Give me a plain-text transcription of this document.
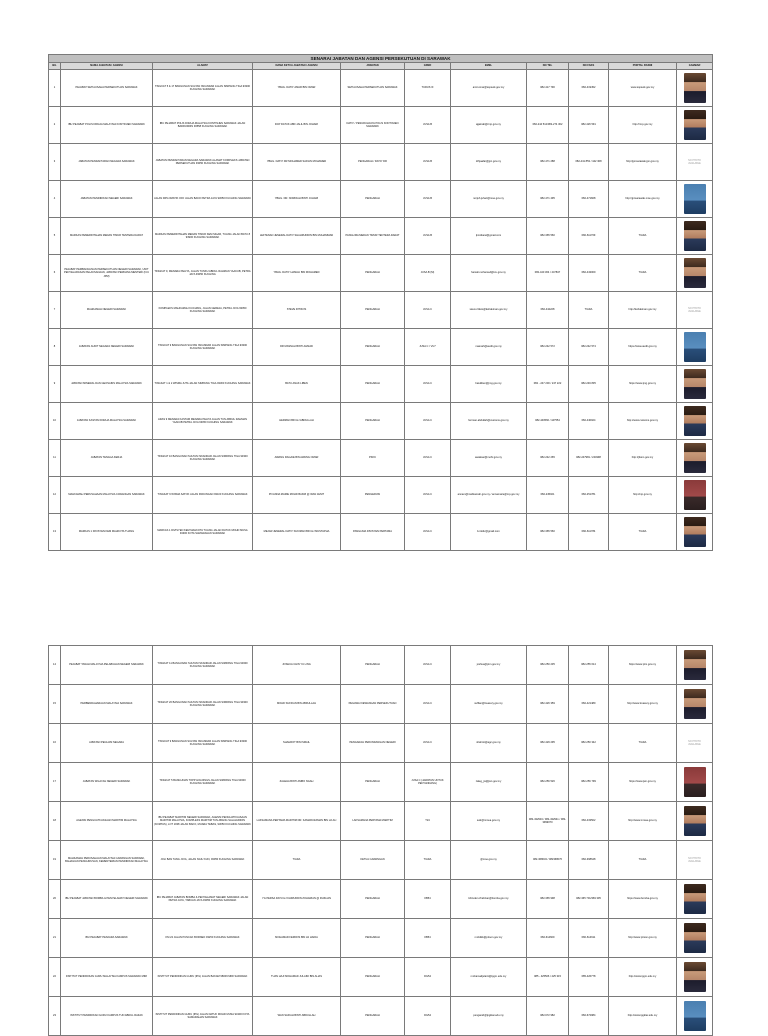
SENARAI JABATAN DAN AGENSI PERSEKUTUAN DI SARAWAK										
BIL	NAMA JABATAN / AGENSI	ALAMAT	NAMA KETUA JABATAN / AGENSI	JAWATAN	GRED	EMEL	NO TEL	NO FAKS	PORTAL RASMI	GAMBAR
1	PEJABAT SETIAUSAHA PERSEKUTUAN SARAWAK	TINGKAT 5 & 17 BANGUNAN SULTAN ISKANDAR JALAN SIMPANG TIGA 93300 KUCHING SARAWAK	YBHG. DATO' AMAR BIN OMAR	SETIAUSAHA PERSEKUTUAN SARAWAK	TURUS III	amir.omar@sspswk.gov.my	082-417 790	082-419452	www.sspswk.gov.my	

2	IBU PEJABAT POLIS DIRAJA MALAYSIA KONTINJEN SARAWAK	IBU PEJABAT POLIS DIRAJA MALAYSIA KONTINJEN SARAWAK JALAN BADRUDDIN 93558 KUCHING SARAWAK	DCP DATUK ABD JALIL BIN JOHARI	DATO' / PESURUHJAYA POLIS KONTINJEN SARAWAK	JUSA B	ajjainab@rmp.gov.my	082-244 512/082-274 302	082-426 591	http://rmp.gov.my	

3	JABATAN PENDAFTARAN NEGARA SARAWAK	JABATAN PENDAFTARAN NEGARA SARAWAK ALAMAT KOMPLEKS JABATAN PERSEKUTUAN 93050 KUCHING SARAWAK	YBHG. DATO' DR MOHAMED SAFIAN MOHAMED	PENGARAH / DATO' DR	JUSA B	drhjaafar@jpn.gov.my	082-471 288	082-441 853 / 442 308	http://jpnsarawak.jpn.gov.my	NO PHOTO AVAILABLE

4	JABATAN PENDIDIKAN NEGERI SARAWAK	JALAN DIPLOMATIK OFF JALAN BAKO PETRA JAYA 93050 KUCHING SARAWAK	YBHG. DR. NORDIAH BINTI JUHARI	PENGARAH	JUSA B	norjuh.juhari@moe.gov.my	082-471 495	082-471828	http://jpnsarawak.moe.gov.my	

5	MARKAS PEMERINTAHAN MEDAN TIMUR TENTERA DARAT	MARKAS PEMERINTAHAN MEDAN TIMUR KEM SIGAR, TUANG JALAN BATU 8 93900 KUCHING SARAWAK	LEFTENAN JENERAL DATO' SHAHRUDDIN BIN MUHAMMAD	PANGLIMA MEDAN TIMUR TENTERA DARAT	JUSA B	lpmtdarat@gmail.com	082-365 560	082-611769	TIADA	

6	PEJABAT PEMBANGUNAN PERSEKUTUAN NEGERI SARAWAK, UNIT PENYELARASAN PELAKSANAAN, JABATAN PERDANA MENTERI (ICU JPM)	TINGKAT 9, MENARA PELITA, JALAN TUNKU ABDUL RAHMAN YAAKUB, PETRA JAYA 93050 KUCHING	YBHG. DATO' HAMALI BIN MOHAMED	PENGARAH	JUSA B (M)	hamali.mohamed@icu.gov.my	082-440 304 / 447847	082-443009	TIADA	

7	MAHKAMAH NEGERI SARAWAK	KOMPLEKS MAHKAMAH KUCHING, JALAN GEREJA, PETRA JAYA 93050 KUCHING SARAWAK	STEVE RITIKOS	PENGARAH	JUSA C	steve.ritikos@kehakiman.gov.my	082-442228	TIADA	http://kehakiman.gov.my	NO PHOTO AVAILABLE

8	JABATAN AUDIT NEGARA NEGERI SARAWAK	TINGKAT 9 BANGUNAN SULTAN ISKANDAR JALAN SIMPANG TIGA 93300 KUCHING SARAWAK	DR MASNAH BINTI AHMAD	PENGARAH	JUSA C / VU7	masnah@audit.gov.my	082-242 572	082-242 574	https://www.audit.gov.my	

9	JABATAN MINERAL DAN GEOSAINS MALAYSIA SARAWAK	TINGKAT 1 & 2 WISMA JUTA JALAN SIMPANG TIGA 93300 KUCHING SARAWAK	BATU ANAK LIBEN	PENGARAH	JUSA C	batuliben@jmg.gov.my	082 - 247 200 / 247 222	082-249 835	https://www.jmg.gov.my	

10	JABATAN KASTAM DIRAJA MALAYSIA SARAWAK	ARAS 9 MENARA KASTAM MENARA PELITA JALAN TUN ABDUL RAHMAN YAAKUB PETRA JAYA 93050 KUCHING SARAWAK	HERMAN BIN HJ ABDULLAH	PENGARAH	JUSA C	herman.abdullah@customs.gov.my	082-440566 / 447554	082-440924	http://www.customs.gov.my	

11	JABATAN TENAGA KERJA	TINGKAT 10 BANGUNAN SULTAN ISKANDAR JALAN SIMPANG TIGA 93300 KUCHING SARAWAK	AWANG RAGAIE BIN AWANG OMAR	PKKK	JUSA C	awaksar@mohr.gov.my	082-242 265	082-247981 / 244998	http://jtksm.gov.my	

12	MAHKAMAH PERUSAHAAN MALAYSIA CAWANGAN SARAWAK	TINGKAT 9 WISMA SATOK JALAN PADUNGAN 93100 KUCHING SARAWAK	PN ANNA MARIE MOHD BAKRI @ WAN JENIT	PENGERUSI	JUSA C	annam@mahkamah.gov.my / annamarie@mp.gov.my	082-245021	082-251781	http://mp.gov.my	

13	MARKAS 1 DIVISYEN KEM MAHKOTA TUANG	MARKAS 1 DIVISYEN KEM MAHKOTA TUANG JALAN DATUK MOHD MUSA 94300 KOTA SAMARAHAN SARAWAK	MEJAR JENERAL DATO' SUKIMAN BIN HJ MUSTAPHA	PANGLIMA DIVISYEN PERTAMA	JUSA C	1mkdiv@gmail.com	082-365 560	082-611784	TIADA	
14	PEJABAT TANAH MALAYSIA PELABUHAN NEGERI SARAWAK	TINGKAT 11 BANGUNAN SULTAN ISKANDAR JALAN SIMPANG TIGA 93300 KUCHING SARAWAK	JOSHUA CHIN YU LING	PENGARAH	JUSA C	joshua@ptm.gov.my	082-250 235	082-255 614	https://www.ptm.gov.my	

15	PERBENDAHARAAN MALAYSIA SARAWAK	TINGKAT 20 BANGUNAN SULTAN ISKANDAR JALAN SIMPANG TIGA 93300 KUCHING SARAWAK	MOHD SUFFIAN BIN ABDULLAH	PEGAWAI KEWANGAN PERSEKUTUAN	JUSA C	suffian@treasury.gov.my	082-426 359	082-421489	http://www.treasury.gov.my	

16	JABATAN PEGUAM NEGARA	TINGKAT 9 BANGUNAN SULTAN ISKANDAR JALAN SIMPANG TIGA 93300 KUCHING SARAWAK	SHAHROT BIN ISMAIL	PENGARAH PERUNDANGAN NEGERI	JUSA C	shahrot@agc.gov.my	082-429 295	082-250 342	TIADA	NO PHOTO AVAILABLE

17	JABATAN WILAYAH NEGERI SARAWAK	TINGKAT 5 BANGUNAN TOPP HOLDINGS JALAN SIMPANG TIGA 93300 KUCHING SARAWAK	ZALEHA BINTI AMBO NGAH	PENGARAH	JUSA C (JAWATAN UNTUK PENYANDANG)	zaleg_jw@jwn.gov.my	082-256 526	082-256 799	https://www.jwn.gov.my	

18	AGENSI PENGUATKUASAAN MARITIM MALAYSIA	IBU PEJABAT MARITIM NEGERI SARAWAK, AGENSI PENGUATKUASAAN MARITIM MALAYSIA, KOMPLEKS MARITIM TUN ABANG SALAHUDDIN (KOMTAS), LOT 1938 JALAN BAKO, MUARA TEBAS, 93050 KUCHING SARAWAK	LAKSAMANA PERTAMA MARITIM DR. KAMARUZAMAN BIN HJ ALI	LAKSAMANA PERTAMA MARITIM	T24	swk@mmea.gov.my	082-432934 / 082-432941 / 082-3999070	082-433502	http://www.mmea.gov.my	

19	MAHKAMAH PERUSAHAAN MALAYSIA CAWANGAN SARAWAK, BAHAGIAN PENGURUSAN, KEMENTERIAN PENDIDIKAN MALAYSIA	JOLI BAN TANG JAYA, JALAN NGIU KUN, 93050 KUCHING SARAWAK	TIADA	KETUA CAWANGAN	TIADA	@moe.gov.my	082-368034 / 082368076	082-368648	TIADA	NO PHOTO AVAILABLE

20	IBU PEJABAT JABATAN BOMBA & PENYELAMAT NEGERI SARAWAK	IBU PEJABAT JABATAN BOMBA & PENYELAMAT NEGERI SARAWAK JALAN PETRA JAYA, TABUAN JAYA 93050 KUCHING SARAWAK	YG PERSA DATU HJ KHIRUDDIN ZOHARIAN @ RUZLIAN	PENGARAH	KB54	khiruden.zhahrian@bomba.gov.my	082-365 998	082-365 701/369 305	https://www.bomba.gov.my	

21	IBU PEJABAT PENJARA SARAWAK	KM 22 JALAN PUNCAK BORNEO 93250 KUCHING SARAWAK	MOHAMAD FERDOS BIN HJ HAIDA	PENGARAH	KB54	mohdkk@prison.gov.my	082-614609	082-614611	http://www.prison.gov.my	

22	INSTITUT PENDIDIKAN GURU MALAYSIA KAMPUS SARAWAK MIRI	INSTITUT PENDIDIKAN GURU (IPG) JALAN BAKAM 98009 MIRI SARAWAK	TUAN HAJI MOHAMAD JULAINI BIN ALIAS	PENGARAH	DG54	mohamadjulaini@ipgm.edu.my	085 - 425506 / 425 315	085-426778	http://www.ipgm.edu.my	

23	INSTITUT PENDIDIKAN GURU KAMPUS TUN ABDUL RAZAK	INSTITUT PENDIDIKAN GURU (IPG) JALAN DATUK MOHD MUSA 94300 KOTA SAMARAHAN SARAWAK	WAN SAFIAH BINTI ABDULLAH	PENGARAH	DG54	pengarah@ipgktar.edu.my	082-672 982	082-672984	http://www.ipgktar.edu.my	
